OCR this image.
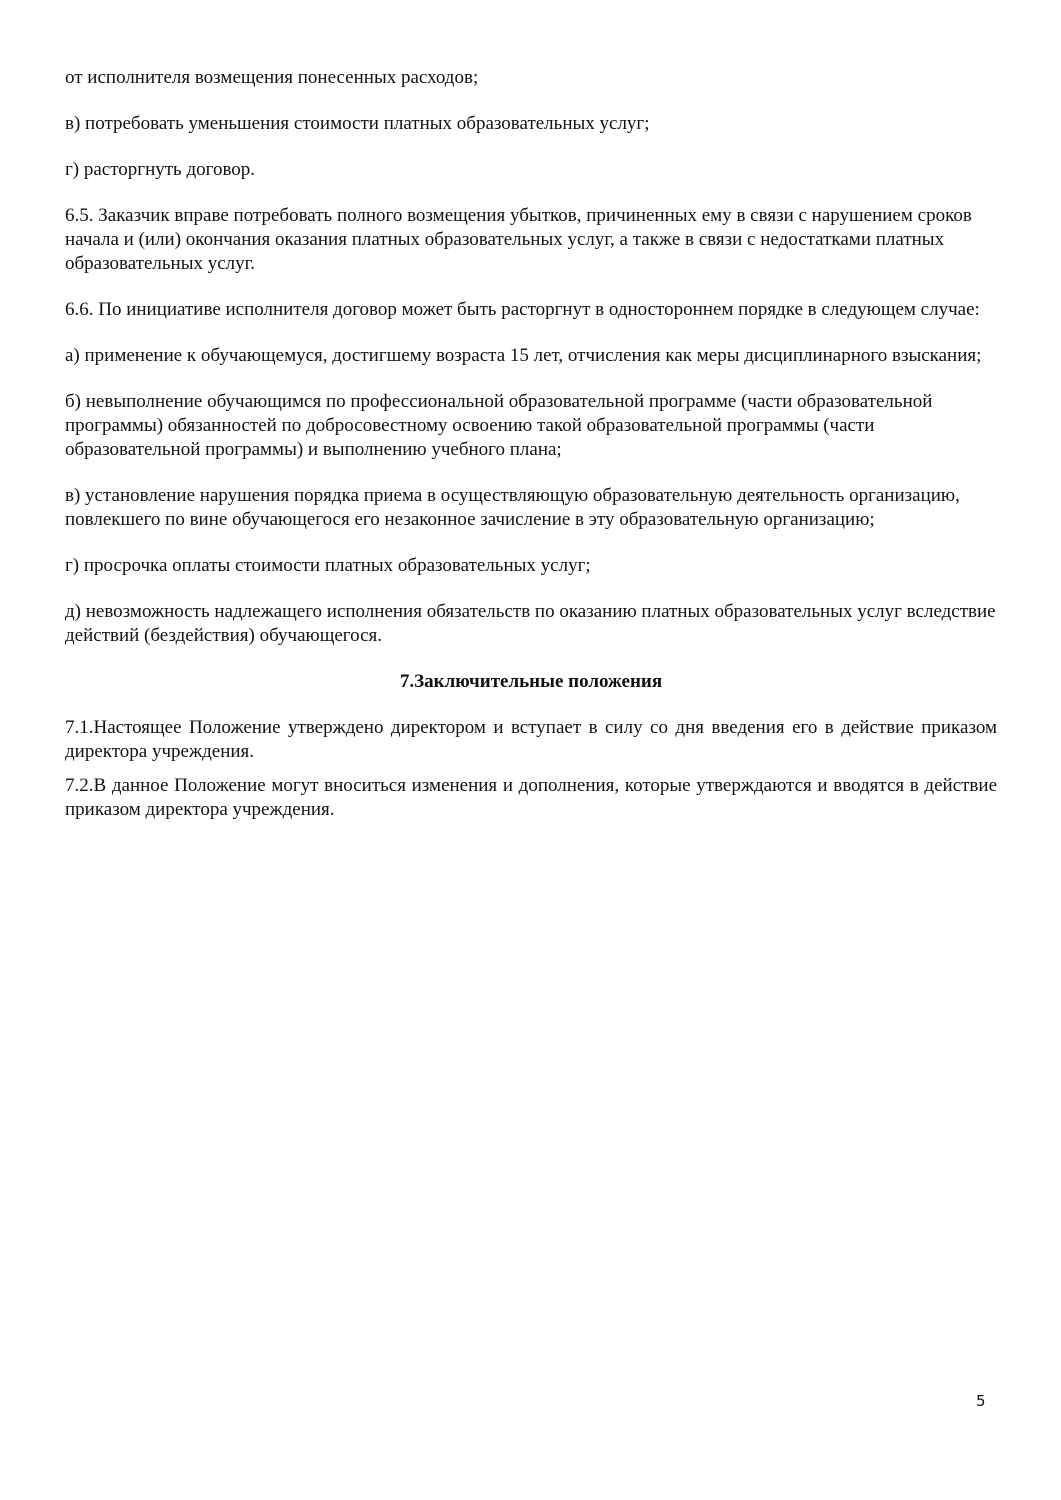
от исполнителя возмещения понесенных расходов;

в) потребовать уменьшения стоимости платных образовательных услуг;

г) расторгнуть договор.

6.5. Заказчик вправе потребовать полного возмещения убытков, причиненных ему в связи с нарушением сроков начала и (или) окончания оказания платных образовательных услуг, а также в связи с недостатками платных образовательных услуг.

6.6. По инициативе исполнителя договор может быть расторгнут в одностороннем порядке в следующем случае:

а) применение к обучающемуся, достигшему возраста 15 лет, отчисления как меры дисциплинарного взыскания;

б) невыполнение обучающимся по профессиональной образовательной программе (части образовательной программы) обязанностей по добросовестному освоению такой образовательной программы (части образовательной программы) и выполнению учебного плана;

в) установление нарушения порядка приема в осуществляющую образовательную деятельность организацию, повлекшего по вине обучающегося его незаконное зачисление в эту образовательную организацию;

г) просрочка оплаты стоимости платных образовательных услуг;

д) невозможность надлежащего исполнения обязательств по оказанию платных образовательных услуг вследствие действий (бездействия) обучающегося.

7.Заключительные положения

7.1.Настоящее Положение утверждено директором и вступает в силу со дня введения его в действие приказом директора учреждения.

7.2.В данное Положение могут вноситься изменения и дополнения, которые утверждаются и вводятся в действие приказом директора учреждения.

5
